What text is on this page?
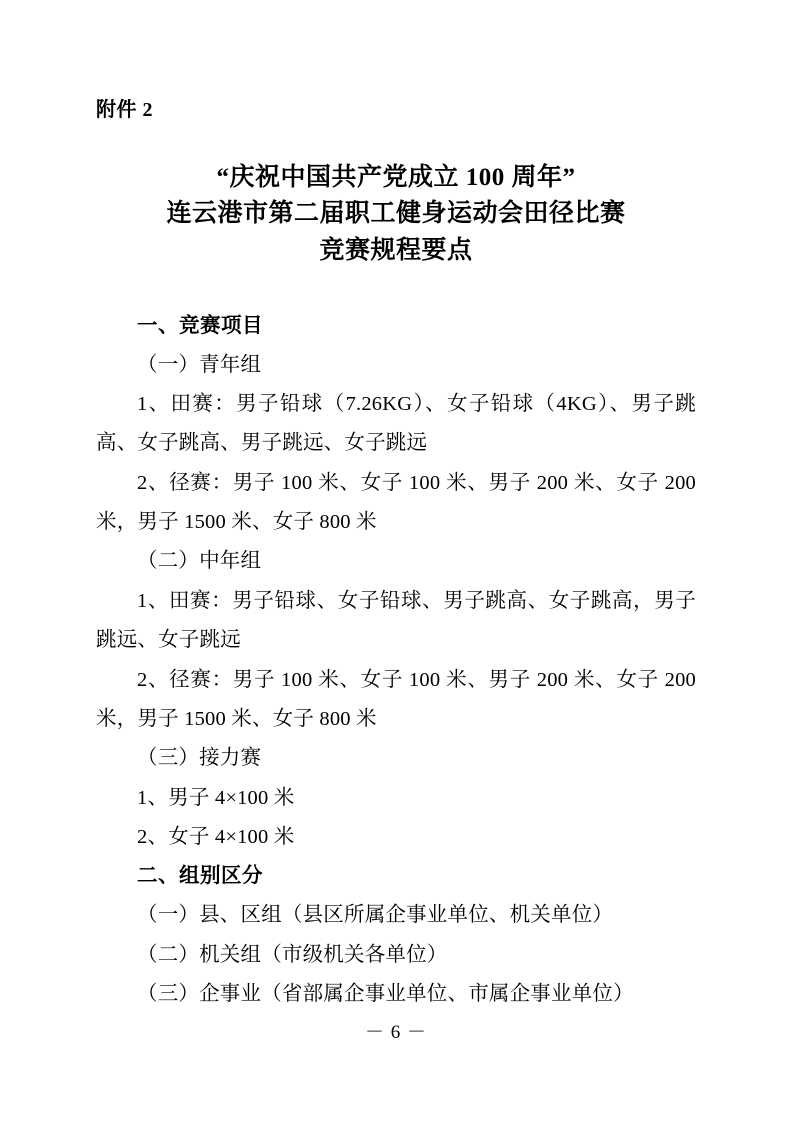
附件 2
“庆祝中国共产党成立 100 周年”
连云港市第二届职工健身运动会田径比赛
竞赛规程要点

一、竞赛项目

（一）青年组

1、田赛：男子铅球（7.26KG）、女子铅球（4KG）、男子跳高、女子跳高、男子跳远、女子跳远

2、径赛：男子 100 米、女子 100 米、男子 200 米、女子 200 米，男子 1500 米、女子 800 米

（二）中年组

1、田赛：男子铅球、女子铅球、男子跳高、女子跳高，男子跳远、女子跳远

2、径赛：男子 100 米、女子 100 米、男子 200 米、女子 200 米，男子 1500 米、女子 800 米

（三）接力赛

1、男子 4×100 米

2、女子 4×100 米

二、组别区分

（一）县、区组（县区所属企事业单位、机关单位）

（二）机关组（市级机关各单位）

（三）企事业（省部属企事业单位、市属企事业单位）

－ 6 －
